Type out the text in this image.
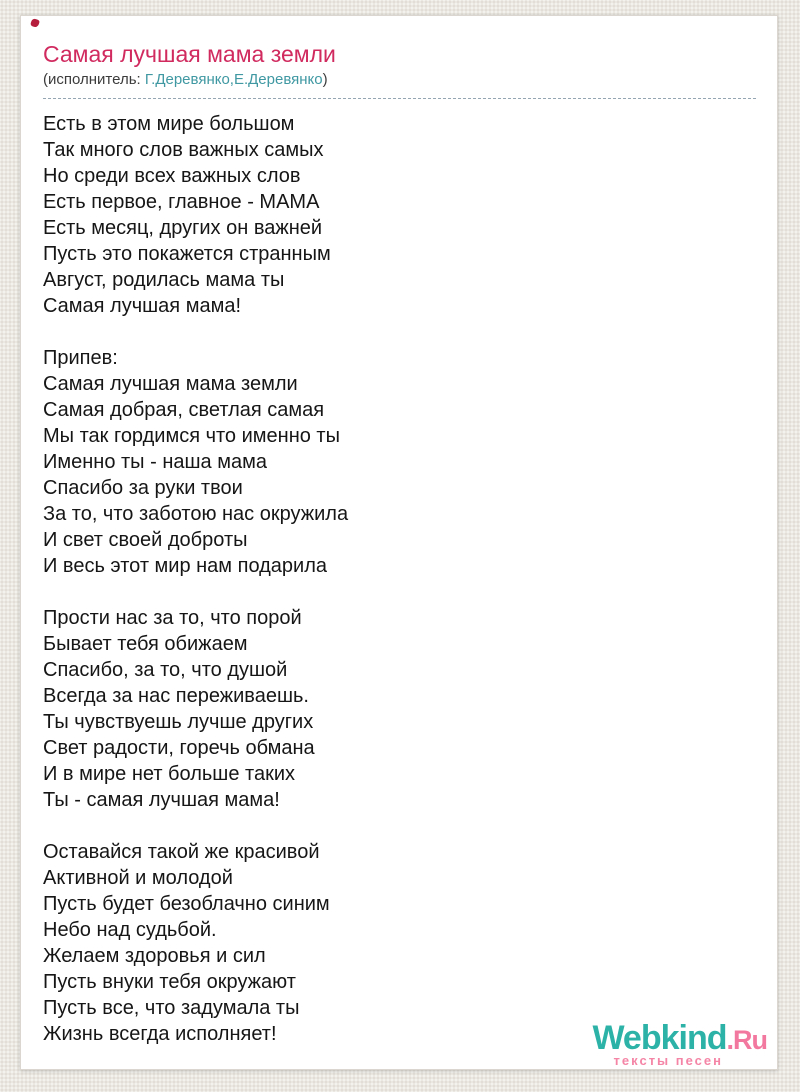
Самая лучшая мама земли
(исполнитель: Г.Деревянко,Е.Деревянко)

Есть в этом мире большом
Так много слов важных самых
Но среди всех важных слов
Есть первое, главное - МАМА
Есть месяц, других он важней
Пусть это покажется странным
Август, родилась мама ты
Самая лучшая мама!

Припев:
Самая лучшая мама земли
Самая добрая, светлая самая
Мы так гордимся что именно ты
Именно ты - наша мама
Спасибо за руки твои
За то, что заботою нас окружила
И свет своей доброты
И весь этот мир нам подарила

Прости нас за то, что порой
Бывает тебя обижаем
Спасибо, за то, что душой
Всегда за нас переживаешь.
Ты чувствуешь лучше других
Свет радости, горечь обмана
И в мире нет больше таких
Ты - самая лучшая мама!

Оставайся такой же красивой
Активной и молодой
Пусть будет безоблачно синим
Небо над судьбой.
Желаем здоровья и сил
Пусть внуки тебя окружают
Пусть все, что задумала ты
Жизнь всегда исполняет!	Webkind.Ru
тексты песен
